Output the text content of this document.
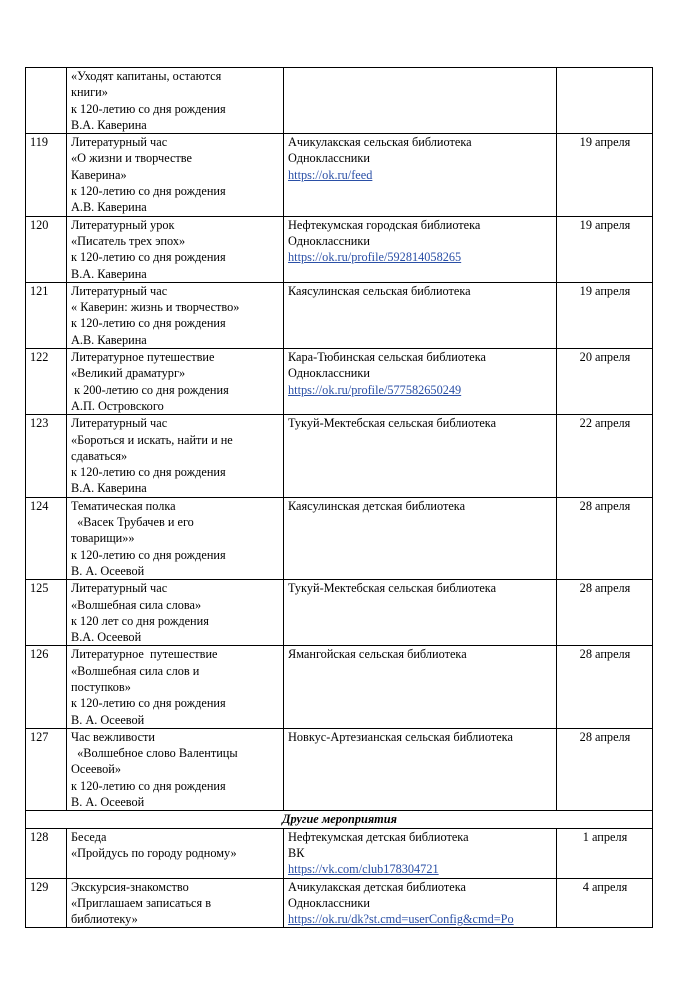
	«Уходят капитаны, остаются
книги»
к 120-летию со дня рождения
В.А. Каверина		

119	Литературный час
«О жизни и творчестве
Каверина»
к 120-летию со дня рождения
А.В. Каверина	Ачикулакская сельская библиотека
Одноклассники
https://ok.ru/feed	19 апреля
120	Литературный урок
«Писатель трех эпох»
к 120-летию со дня рождения
В.А. Каверина	Нефтекумская городская библиотека
Одноклассники
https://ok.ru/profile/592814058265	19 апреля
121	Литературный час
« Каверин: жизнь и творчество»
к 120-летию со дня рождения
А.В. Каверина	Каясулинская сельская библиотека	19 апреля
122	Литературное путешествие
«Великий драматург»
к 200-летию со дня рождения
А.П. Островского	Кара-Тюбинская сельская библиотека
Одноклассники
https://ok.ru/profile/577582650249	20 апреля
123	Литературный час
«Бороться и искать, найти и не
сдаваться»
к 120-летию со дня рождения
В.А. Каверина	Тукуй-Мектебская сельская библиотека	22 апреля
124	Тематическая полка
«Васек Трубачев и его
товарищи»»
к 120-летию со дня рождения
В. А. Осеевой	Каясулинская детская библиотека	28 апреля
125	Литературный час
«Волшебная сила слова»
к 120 лет со дня рождения
В.А. Осеевой	Тукуй-Мектебская сельская библиотека	28 апреля
126	Литературное  путешествие
«Волшебная сила слов и
поступков»
к 120-летию со дня рождения
В. А. Осеевой	Ямангойская сельская библиотека	28 апреля
127	Час вежливости
«Волшебное слово Валентицы
Осеевой»
к 120-летию со дня рождения
В. А. Осеевой	Новкус-Артезианская сельская библиотека	28 апреля
Другие мероприятия			
128	Беседа
«Пройдусь по городу родному»	Нефтекумская детская библиотека
ВК
https://vk.com/club178304721	1 апреля
129	Экскурсия-знакомство
«Приглашаем записаться в
библиотеку»	Ачикулакская детская библиотека
Одноклассники
https://ok.ru/dk?st.cmd=userConfig&cmd=Po	4 апреля
